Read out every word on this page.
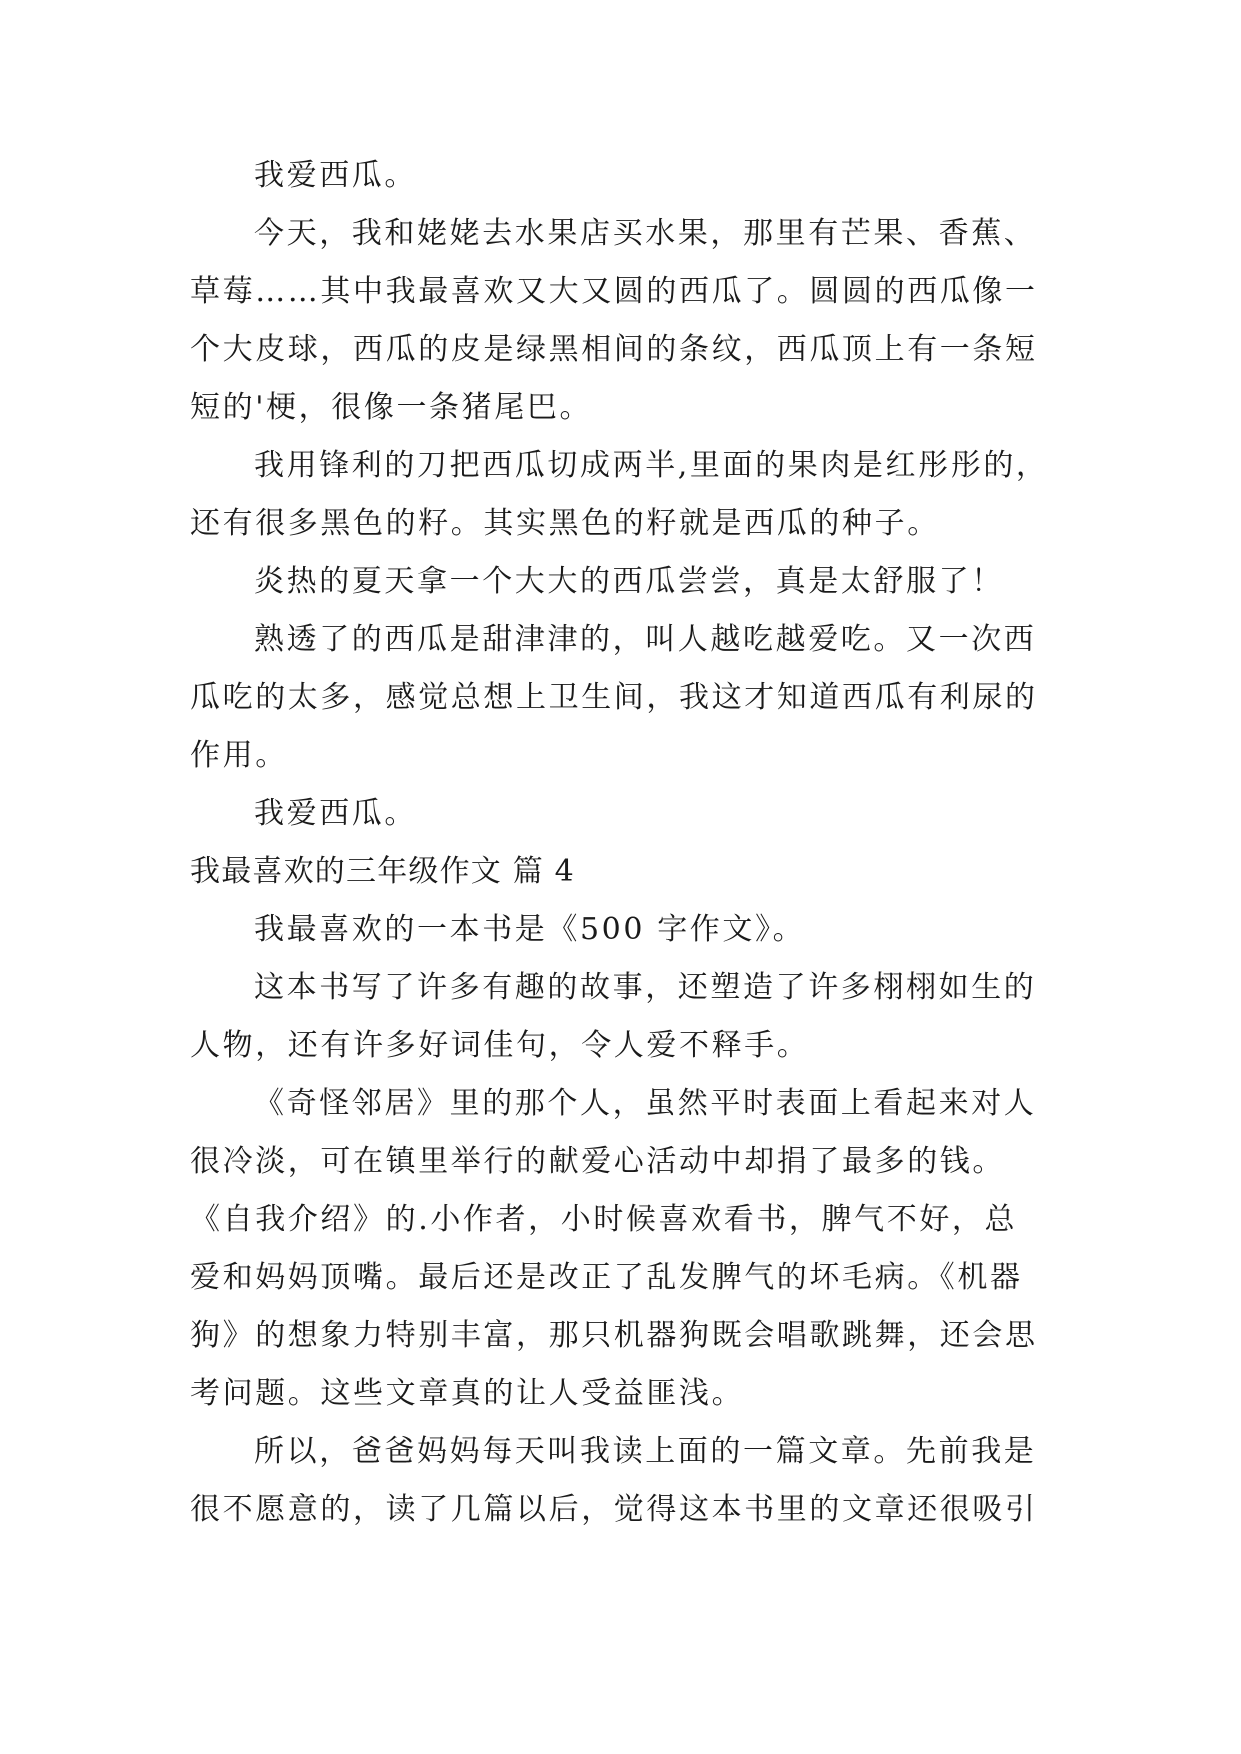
我爱西瓜。
今天，我和姥姥去水果店买水果，那里有芒果、香蕉、
草莓……其中我最喜欢又大又圆的西瓜了。圆圆的西瓜像一
个大皮球，西瓜的皮是绿黑相间的条纹，西瓜顶上有一条短
短的'梗，很像一条猪尾巴。
我用锋利的刀把西瓜切成两半,里面的果肉是红彤彤的，
还有很多黑色的籽。其实黑色的籽就是西瓜的种子。
炎热的夏天拿一个大大的西瓜尝尝，真是太舒服了！
熟透了的西瓜是甜津津的，叫人越吃越爱吃。又一次西
瓜吃的太多，感觉总想上卫生间，我这才知道西瓜有利尿的
作用。
我爱西瓜。
我最喜欢的三年级作文 篇 4
我最喜欢的一本书是《500 字作文》。
这本书写了许多有趣的故事，还塑造了许多栩栩如生的
人物，还有许多好词佳句，令人爱不释手。
《奇怪邻居》里的那个人，虽然平时表面上看起来对人
很冷淡，可在镇里举行的献爱心活动中却捐了最多的钱。
《自我介绍》的.小作者，小时候喜欢看书，脾气不好，总
爱和妈妈顶嘴。最后还是改正了乱发脾气的坏毛病。《机器
狗》的想象力特别丰富，那只机器狗既会唱歌跳舞，还会思
考问题。这些文章真的让人受益匪浅。
所以，爸爸妈妈每天叫我读上面的一篇文章。先前我是
很不愿意的，读了几篇以后，觉得这本书里的文章还很吸引
